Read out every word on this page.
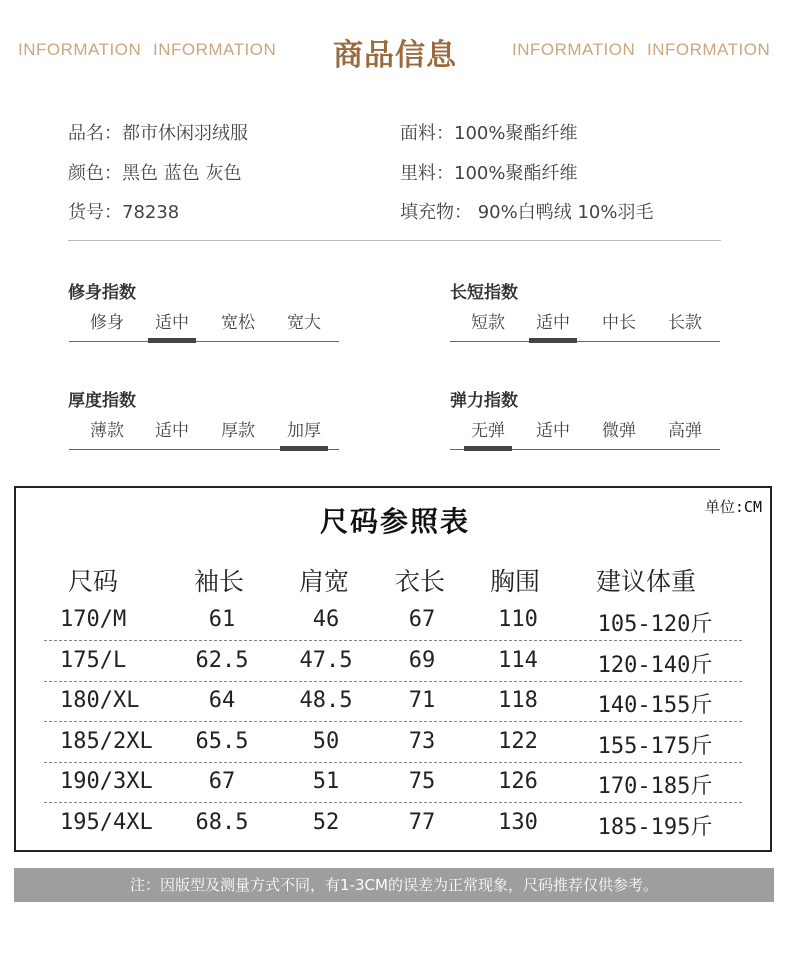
INFORMATION INFORMATION	商品信息	INFORMATION INFORMATION
品名：都市休闲羽绒服
颜色：黑色 蓝色 灰色
货号：78238
面料：100%聚酯纤维
里料：100%聚酯纤维
填充物： 90%白鸭绒 10%羽毛
修身指数
修身	适中	宽松	宽大
长短指数
短款	适中	中长	长款
厚度指数
薄款	适中	厚款	加厚
弹力指数
无弹	适中	微弹	高弹
尺码参照表	单位:CM
尺码	袖长 肩宽 衣长 胸围 建议体重
170/M	61	46	67	110	105-120斤
175/L	62.5	47.5	69	114	120-140斤
180/XL	64	48.5	71	118	140-155斤
185/2XL	65.5	50	73	122	155-175斤
190/3XL	67	51	75	126	170-185斤
195/4XL	68.5	52	77	130	185-195斤
注：因版型及测量方式不同，有1-3CM的误差为正常现象，尺码推荐仅供参考。
